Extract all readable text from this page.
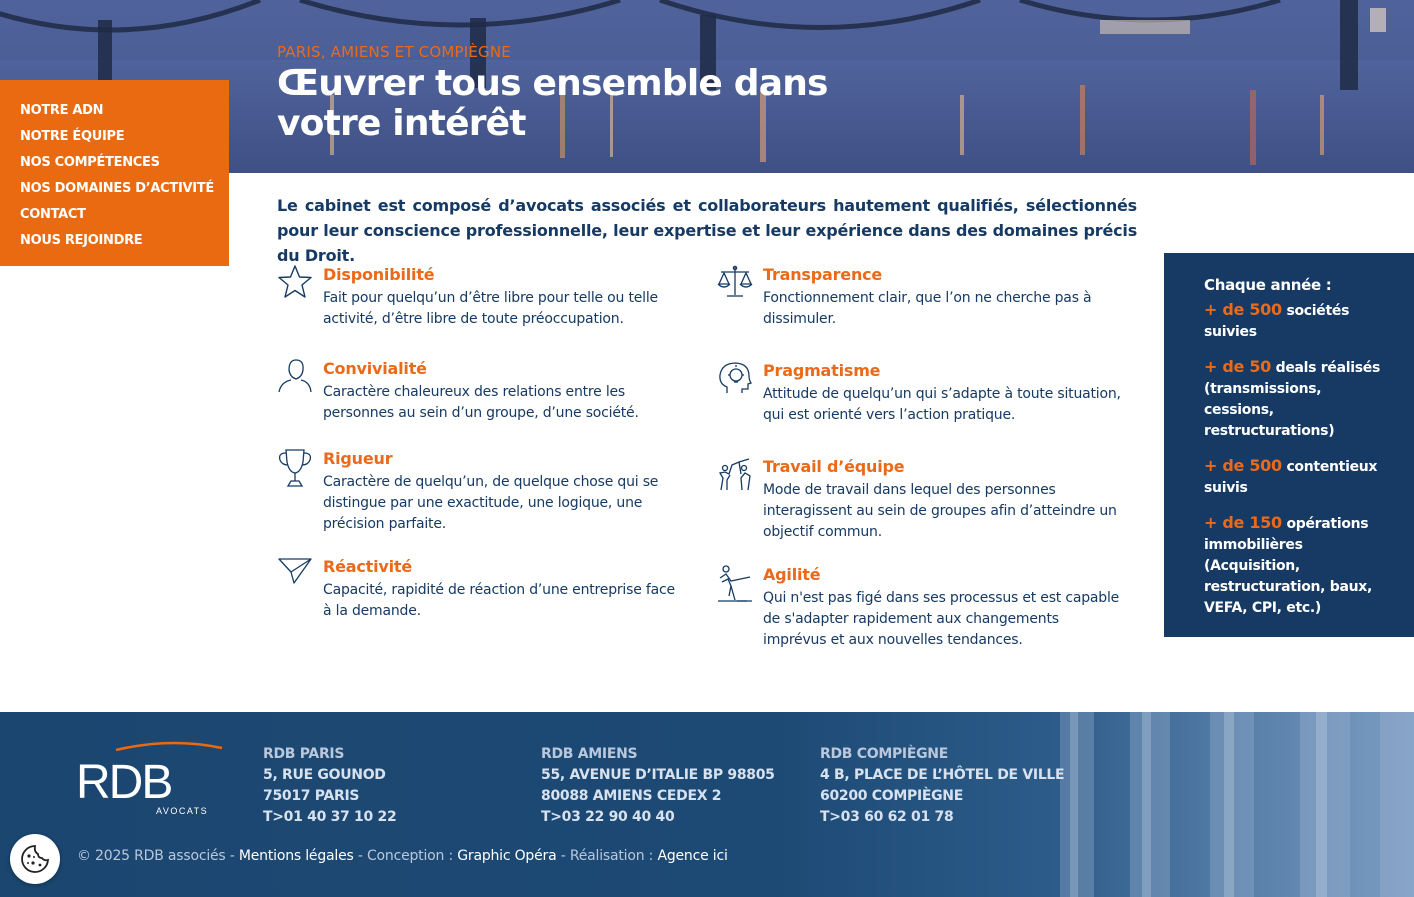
PARIS, AMIENS ET COMPIÈGNE
Œuvrer tous ensemble dans votre intérêt
NOTRE ADN
NOTRE ÉQUIPE
NOS COMPÉTENCES
NOS DOMAINES D’ACTIVITÉ
CONTACT
NOUS REJOINDRE

Le cabinet est composé d’avocats associés et collaborateurs hautement qualifiés, sélectionnés pour leur conscience professionnelle, leur expertise et leur expérience dans des domaines précis du Droit.

Disponibilité

Fait pour quelqu’un d’être libre pour telle ou telle activité, d’être libre de toute préoccupation.

Transparence

Fonctionnement clair, que l’on ne cherche pas à dissimuler.

Convivialité

Caractère chaleureux des relations entre les personnes au sein d’un groupe, d’une société.

Pragmatisme

Attitude de quelqu’un qui s’adapte à toute situation, qui est orienté vers l’action pratique.

Rigueur

Caractère de quelqu’un, de quelque chose qui se distingue par une exactitude, une logique, une précision parfaite.

Travail d’équipe

Mode de travail dans lequel des personnes interagissent au sein de groupes afin d’atteindre un objectif commun.

Réactivité

Capacité, rapidité de réaction d’une entreprise face à la demande.

Agilité

Qui n'est pas figé dans ses processus et est capable de s'adapter rapidement aux changements imprévus et aux nouvelles tendances.

Chaque année :
+ de 500 sociétés suivies
+ de 50 deals réalisés (transmissions, cessions, restructurations)
+ de 500 contentieux suivis
+ de 150 opérations immobilières (Acquisition, restructuration, baux, VEFA, CPI, etc.)
RDB
AVOCATS
RDB PARIS
5, RUE GOUNOD
75017 PARIS
T>01 40 37 10 22
RDB AMIENS
55, AVENUE D’ITALIE BP 98805
80088 AMIENS CEDEX 2
T>03 22 90 40 40
RDB COMPIÈGNE
4 B, PLACE DE L’HÔTEL DE VILLE
60200 COMPIÈGNE
T>03 60 62 01 78
© 2025 RDB associés - Mentions légales - Conception : Graphic Opéra - Réalisation : Agence ici
